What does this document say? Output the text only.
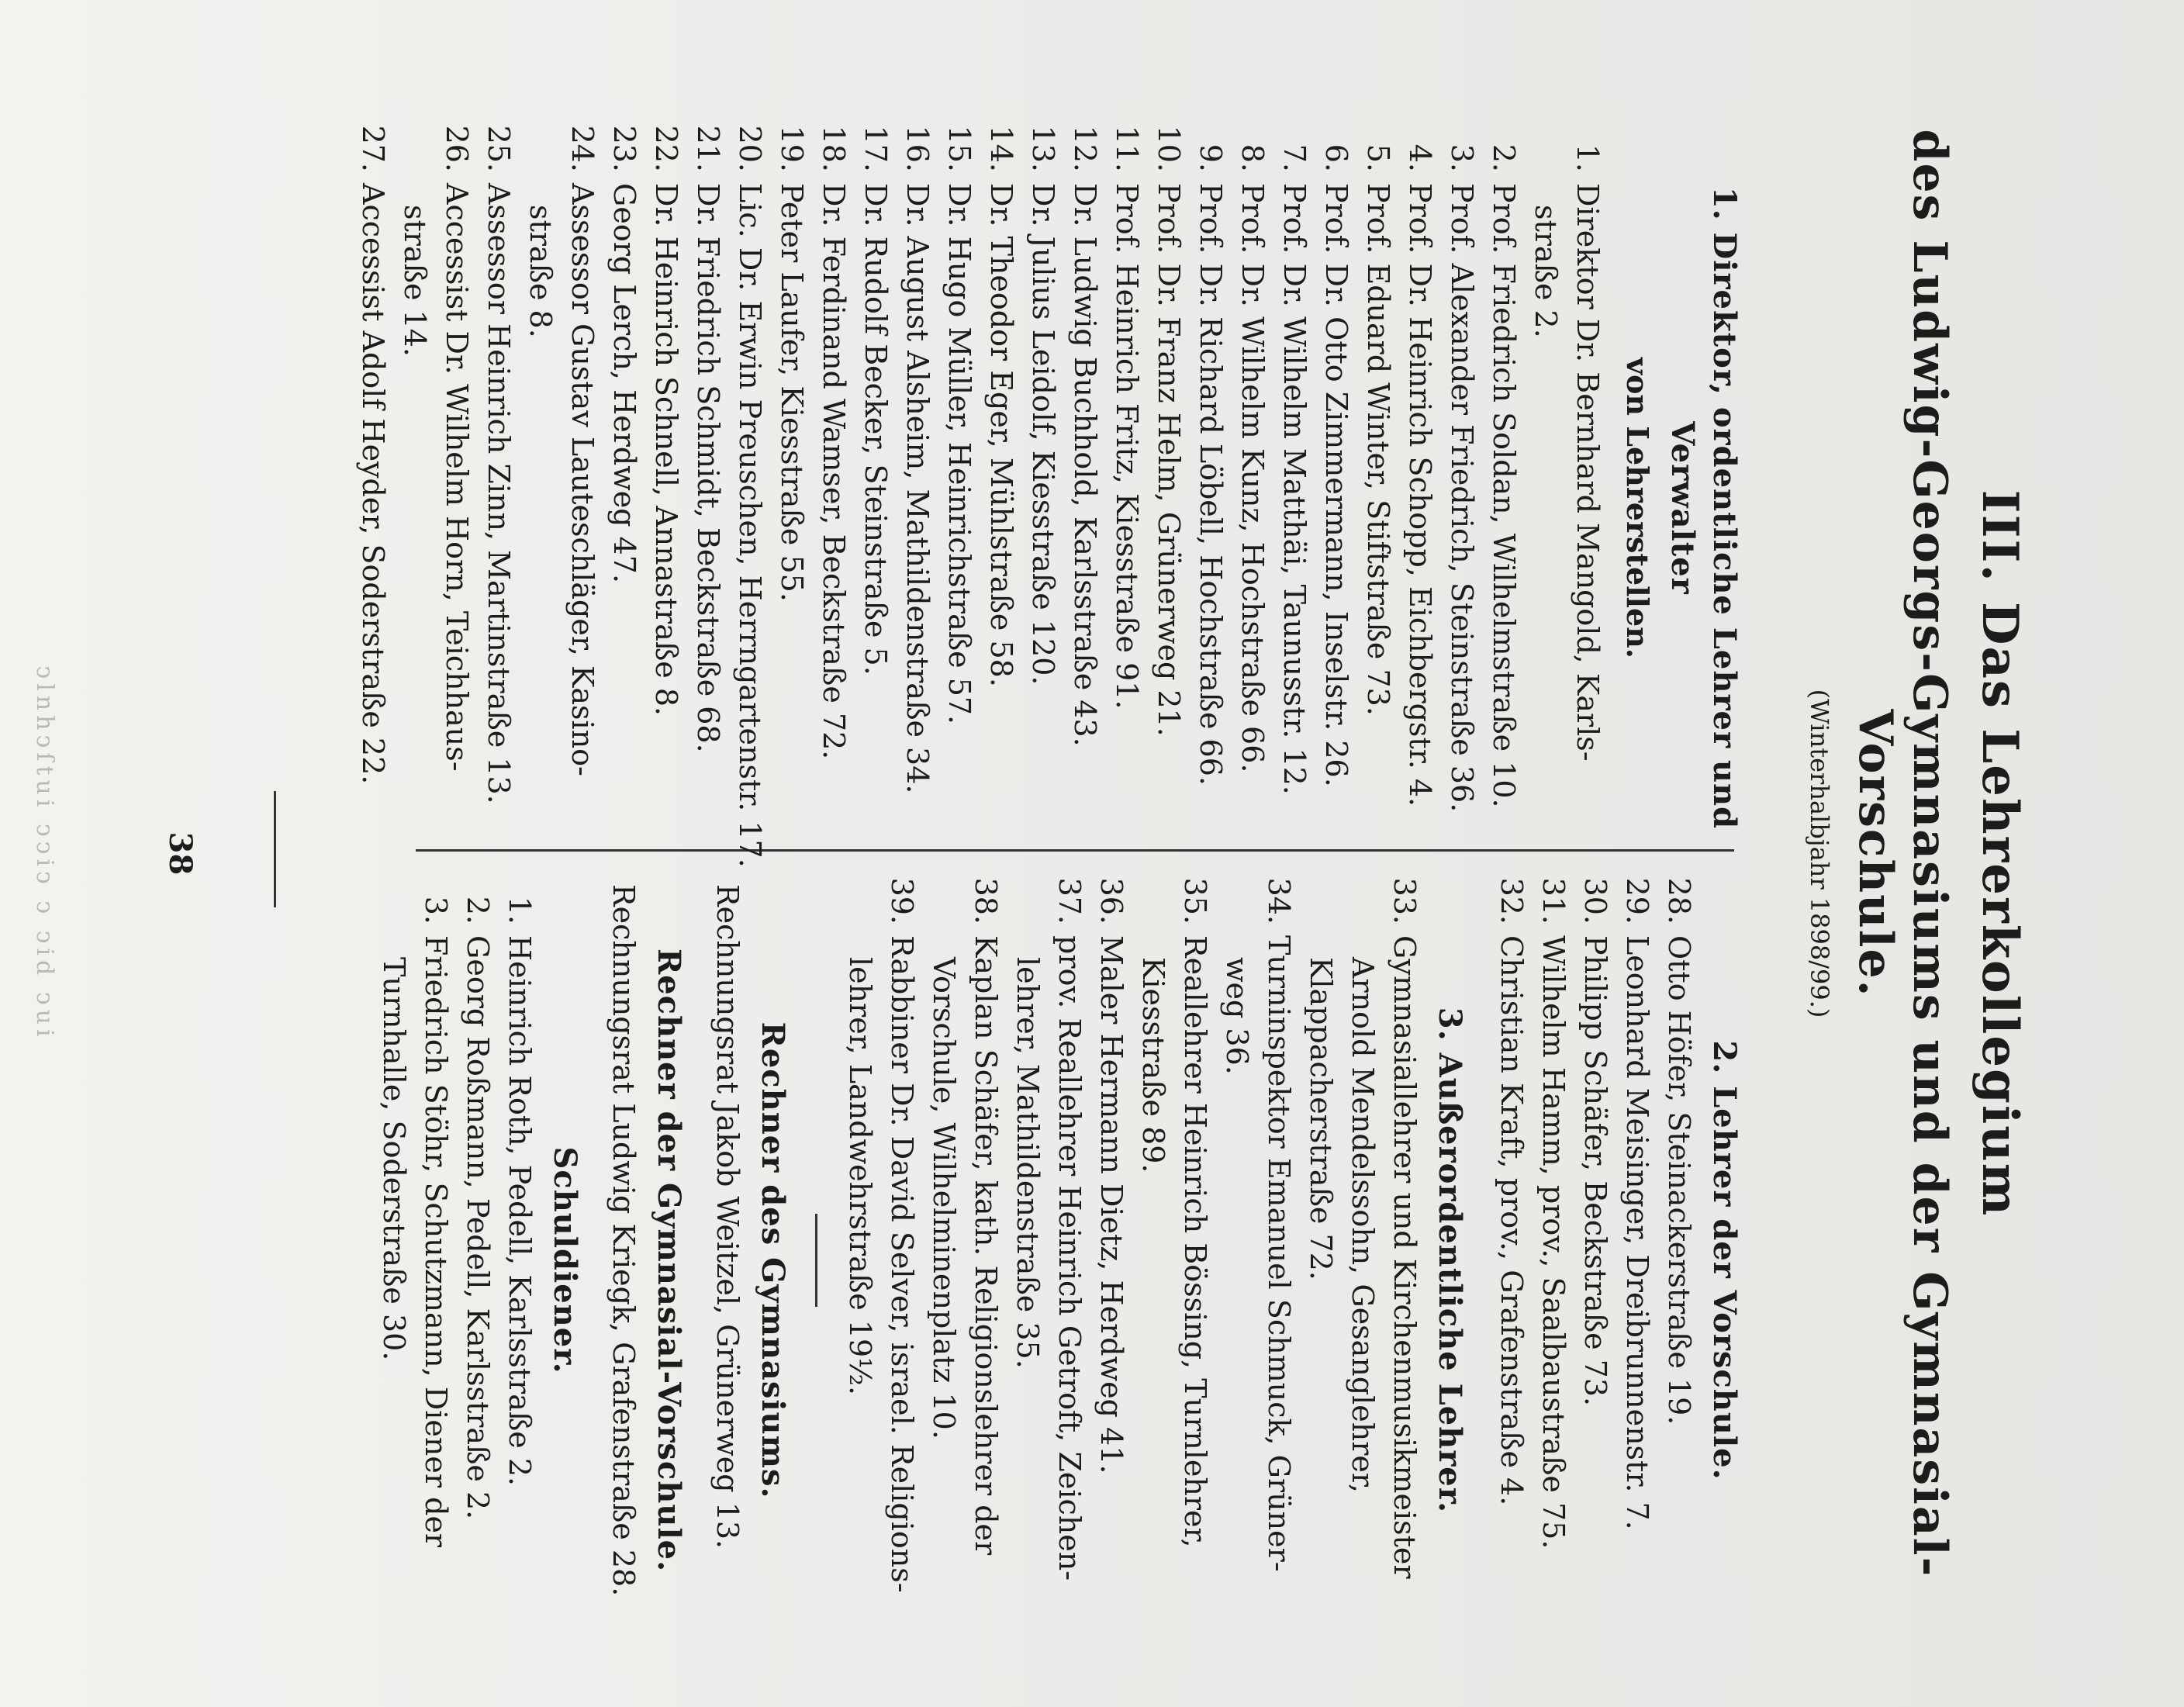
III. Das Lehrerkollegium
des Ludwig-Georgs-Gymnasiums und der Gymnasial-Vorschule.
(Winterhalbjahr 1898/99.)
1. Direktor, ordentliche Lehrer und Verwalter
von Lehrerstellen.
1.
Direktor Dr. Bernhard Mangold, Karls-
straße 2.
2.
Prof. Friedrich Soldan, Wilhelmstraße 10.
3.
Prof. Alexander Friedrich, Steinstraße 36.
4.
Prof. Dr. Heinrich Schopp, Eichbergstr. 4.
5.
Prof. Eduard Winter, Stiftstraße 73.
6.
Prof. Dr. Otto Zimmermann, Inselstr. 26.
7.
Prof. Dr. Wilhelm Matthäi, Taunusstr. 12.
8.
Prof. Dr. Wilhelm Kunz, Hochstraße 66.
9.
Prof. Dr. Richard Löbell, Hochstraße 66.
10.
Prof. Dr. Franz Helm, Grünerweg 21.
11.
Prof. Heinrich Fritz, Kiesstraße 91.
12.
Dr. Ludwig Buchhold, Karlsstraße 43.
13.
Dr. Julius Leidolf, Kiesstraße 120.
14.
Dr. Theodor Eger, Mühlstraße 58.
15.
Dr. Hugo Müller, Heinrichstraße 57.
16.
Dr. August Alsheim, Mathildenstraße 34.
17.
Dr. Rudolf Becker, Steinstraße 5.
18.
Dr. Ferdinand Wamser, Beckstraße 72.
19.
Peter Laufer, Kiesstraße 55.
20.
Lic. Dr. Erwin Preuschen, Herrngartenstr. 17.
21.
Dr. Friedrich Schmidt, Beckstraße 68.
22.
Dr. Heinrich Schnell, Annastraße 8.
23.
Georg Lerch, Herdweg 47.
24.
Assessor Gustav Lauteschläger, Kasino-
straße 8.
25.
Assessor Heinrich Zinn, Martinstraße 13.
26.
Accessist Dr. Wilhelm Horn, Teichhaus-
straße 14.
27.
Accessist Adolf Heyder, Soderstraße 22.
2. Lehrer der Vorschule.
28.
Otto Höfer, Steinackerstraße 19.
29.
Leonhard Meisinger, Dreibrunnenstr. 7.
30.
Philipp Schäfer, Beckstraße 73.
31.
Wilhelm Hamm, prov., Saalbaustraße 75.
32.
Christian Kraft, prov., Grafenstraße 4.
3. Außerordentliche Lehrer.
33.
Gymnasiallehrer und Kirchenmusikmeister
Arnold Mendelssohn, Gesanglehrer,
Klappacherstraße 72.
34.
Turninspektor Emanuel Schmuck, Grüner-
weg 36.
35.
Reallehrer Heinrich Bössing, Turnlehrer,
Kiesstraße 89.
36.
Maler Hermann Dietz, Herdweg 41.
37.
prov. Reallehrer Heinrich Getroft, Zeichen-
lehrer, Mathildenstraße 35.
38.
Kaplan Schäfer, kath. Religionslehrer der
Vorschule, Wilhelminenplatz 10.
39.
Rabbiner Dr. David Selver, israel. Religions-
lehrer, Landwehrstraße 19½.
Rechner des Gymnasiums.
Rechnungsrat Jakob Weitzel, Grünerweg 13.
Rechner der Gymnasial-Vorschule.
Rechnungsrat Ludwig Kriegk, Grafenstraße 28.
Schuldiener.
1.
Heinrich Roth, Pedell, Karlsstraße 2.
2.
Georg Roßmann, Pedell, Karlsstraße 2.
3.
Friedrich Stöhr, Schutzmann, Diener der
Turnhalle, Soderstraße 30.
38
ↄlnhↄſtui ↄↄiↄ ↄ ↄid ↄui
